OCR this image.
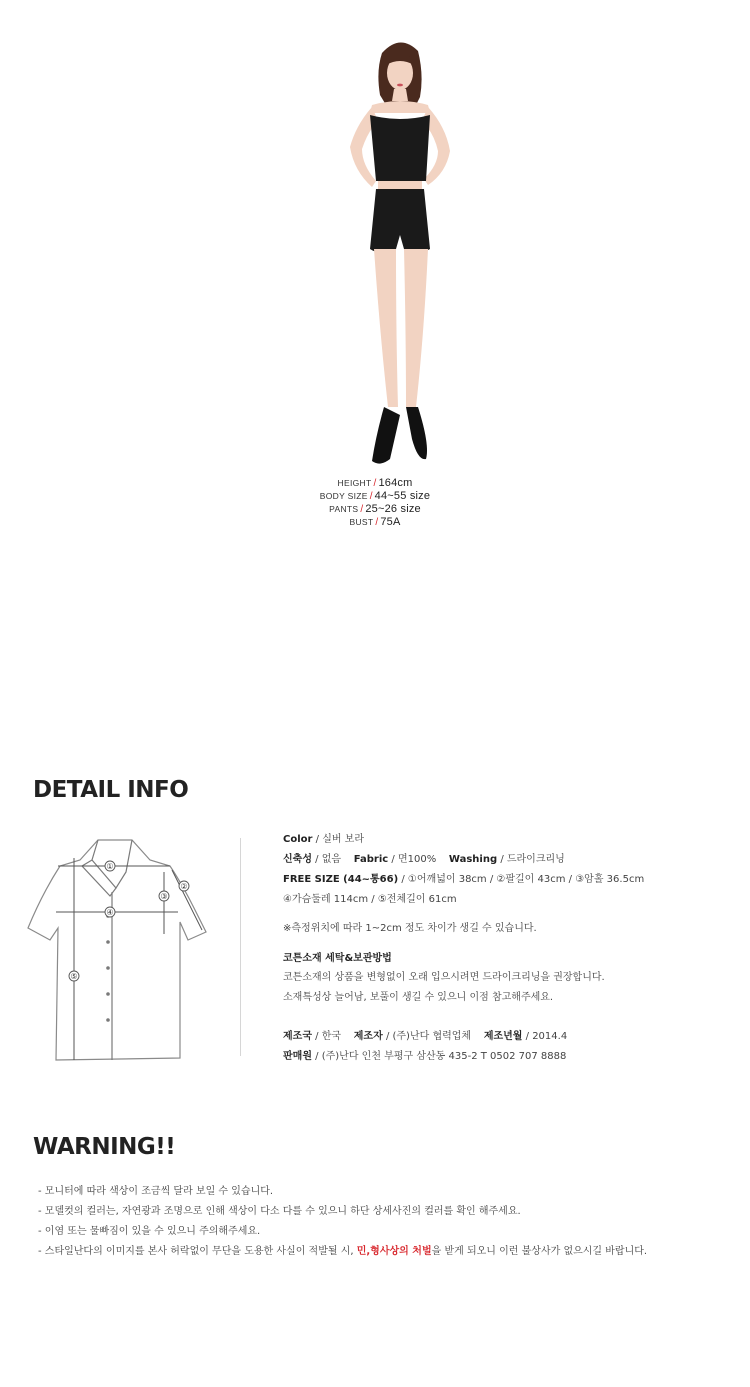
HEIGHT / 164cm
BODY SIZE / 44~55 size
PANTS / 25~26 size
BUST / 75A
DETAIL INFO
①
②
③
④
⑤
Color / 실버 보라
신축성 / 없음 Fabric / 면100% Washing / 드라이크리닝
FREE SIZE (44~통66) / ①어깨넓이 38cm / ②팔길이 43cm / ③암홀 36.5cm
④가슴둘레 114cm / ⑤전체길이 61cm
※측정위치에 따라 1~2cm 정도 차이가 생길 수 있습니다.
코튼소재 세탁&보관방법
코튼소재의 상품을 변형없이 오래 입으시려면 드라이크리닝을 권장합니다.
소재특성상 늘어남, 보풀이 생길 수 있으니 이점 참고해주세요.
제조국 / 한국 제조자 / (주)난다 협력업체 제조년월 / 2014.4
판매원 / (주)난다 인천 부평구 삼산동 435-2 T 0502 707 8888
WARNING!!
- 모니터에 따라 색상이 조금씩 달라 보일 수 있습니다.
- 모델컷의 컬러는, 자연광과 조명으로 인해 색상이 다소 다를 수 있으니 하단 상세사진의 컬러를 확인 해주세요.
- 이염 또는 물빠짐이 있을 수 있으니 주의해주세요.
- 스타일난다의 이미지를 본사 허락없이 무단을 도용한 사실이 적발될 시, 민,형사상의 처벌을 받게 되오니 이런 불상사가 없으시길 바랍니다.
